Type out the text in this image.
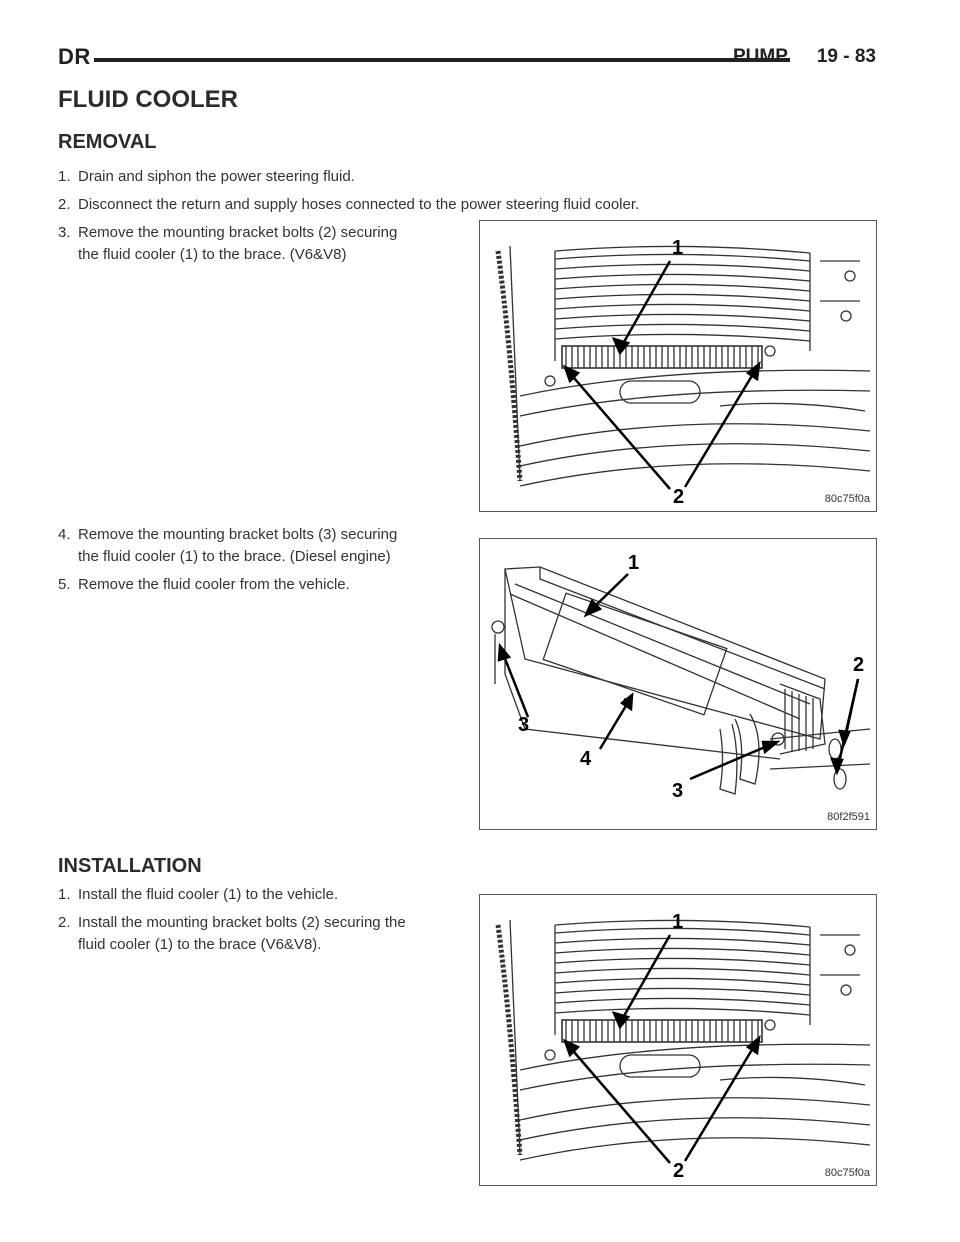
DR	PUMP 19 - 83
FLUID COOLER
REMOVAL
1. Drain and siphon the power steering fluid.
2. Disconnect the return and supply hoses connected to the power steering fluid cooler.
3. Remove the mounting bracket bolts (2) securing
the fluid cooler (1) to the brace. (V6&V8)	1
2	80c75f0a
4. Remove the mounting bracket bolts (3) securing
the fluid cooler (1) to the brace. (Diesel engine)
5. Remove the fluid cooler from the vehicle.
1
2
3
4
3
80f2f591
INSTALLATION
1. Install the fluid cooler (1) to the vehicle.
2. Install the mounting bracket bolts (2) securing the
fluid cooler (1) to the brace (V6&V8).
1
2	80c75f0a
